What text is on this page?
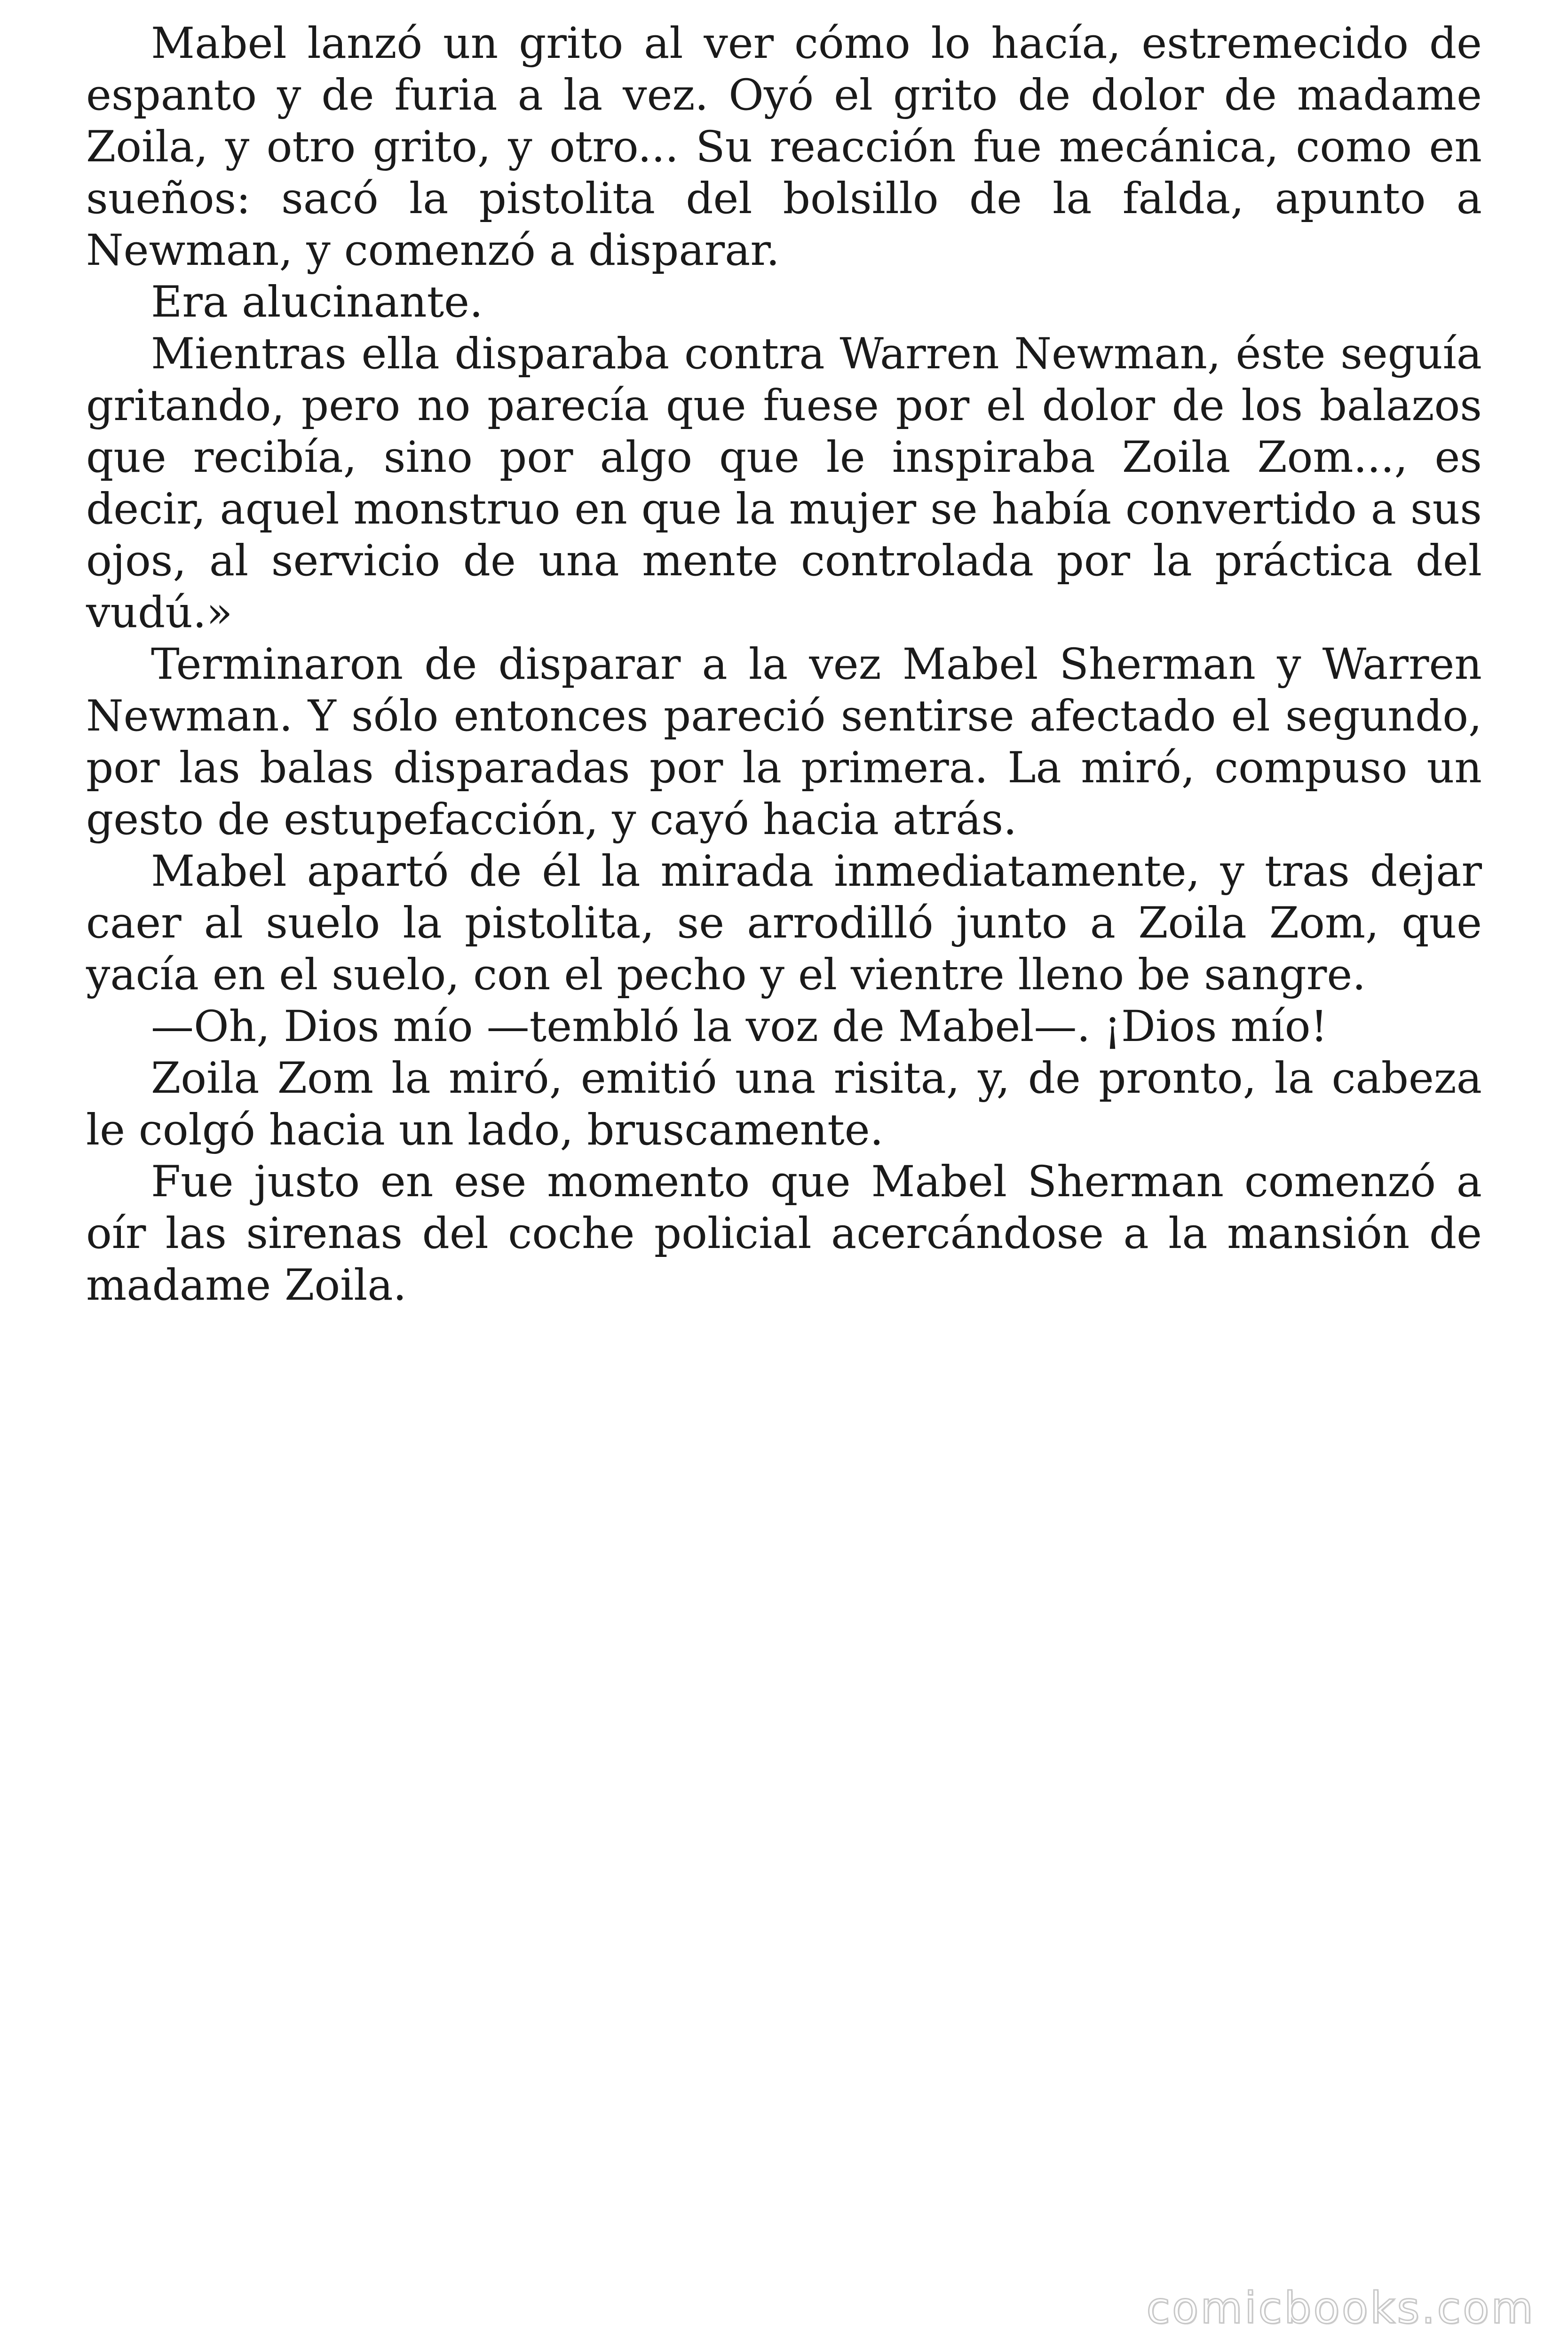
Mabel lanzó un grito al ver cómo lo hacía, estremecido de espanto y de furia a la vez. Oyó el grito de dolor de madame Zoila, y otro grito, y otro... Su reacción fue mecánica, como en sueños: sacó la pistolita del bolsillo de la falda, apunto a Newman, y comenzó a disparar.

Era alucinante.

Mientras ella disparaba contra Warren Newman, éste seguía gritando, pero no parecía que fuese por el dolor de los balazos que recibía, sino por algo que le inspiraba Zoila Zom..., es decir, aquel monstruo en que la mujer se había convertido a sus ojos, al servicio de una mente controlada por la práctica del vudú.»

Terminaron de disparar a la vez Mabel Sherman y Warren Newman. Y sólo entonces pareció sentirse afectado el segundo, por las balas disparadas por la primera. La miró, compuso un gesto de estupefacción, y cayó hacia atrás.

Mabel apartó de él la mirada inmediatamente, y tras dejar caer al suelo la pistolita, se arrodilló junto a Zoila Zom, que yacía en el suelo, con el pecho y el vientre lleno be sangre.

—Oh, Dios mío —tembló la voz de Mabel—. ¡Dios mío!

Zoila Zom la miró, emitió una risita, y, de pronto, la cabeza le colgó hacia un lado, bruscamente.

Fue justo en ese momento que Mabel Sherman comenzó a oír las sirenas del coche policial acercándose a la mansión de madame Zoila.

comicbooks.com
